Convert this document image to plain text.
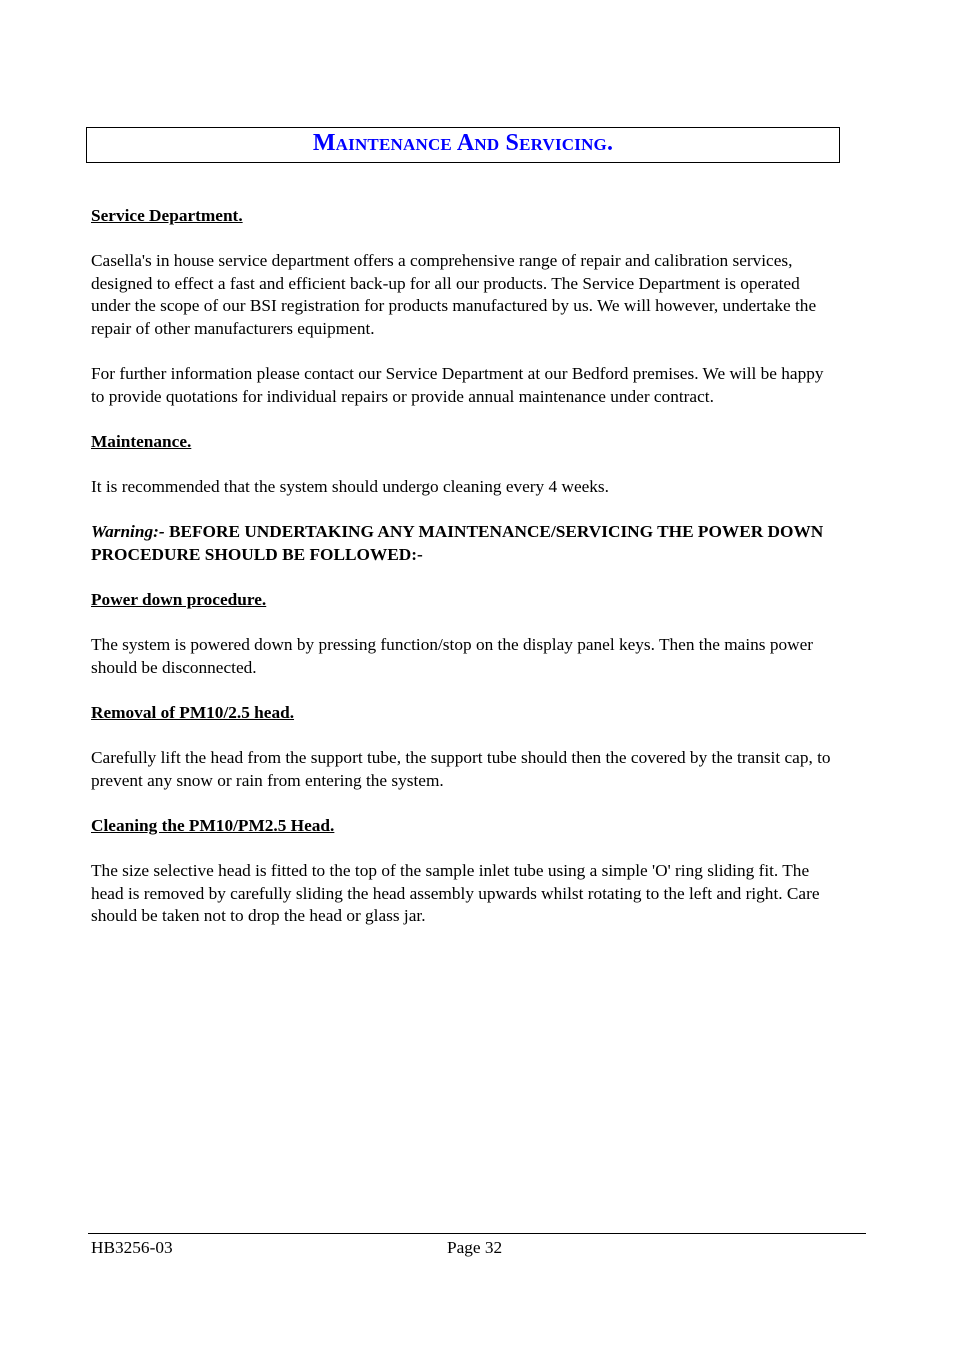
Maintenance And Servicing.
Service Department.
Casella's in house service department offers a comprehensive range of repair and calibration services, designed to effect a fast and efficient back-up for all our products. The Service Department is operated under the scope of our BSI registration for products manufactured by us. We will however, undertake the repair of other manufacturers equipment.
For further information please contact our Service Department at our Bedford premises. We will be happy to provide quotations for individual repairs or provide annual maintenance under contract.
Maintenance.
It is recommended that the system should undergo cleaning every 4 weeks.
Warning:- BEFORE UNDERTAKING ANY MAINTENANCE/SERVICING THE POWER DOWN PROCEDURE SHOULD BE FOLLOWED:-
Power down procedure.
The system is powered down by pressing function/stop on the display panel keys. Then the mains power should be disconnected.
Removal of PM10/2.5 head.
Carefully lift the head from the support tube, the support tube should then the covered by the transit cap, to prevent any snow or rain from entering the system.
Cleaning the PM10/PM2.5 Head.
The size selective head is fitted to the top of the sample inlet tube using a simple 'O' ring sliding fit. The head is removed by carefully sliding the head assembly upwards whilst rotating to the left and right. Care should be taken not to drop the head or glass jar.
HB3256-03	Page 32
